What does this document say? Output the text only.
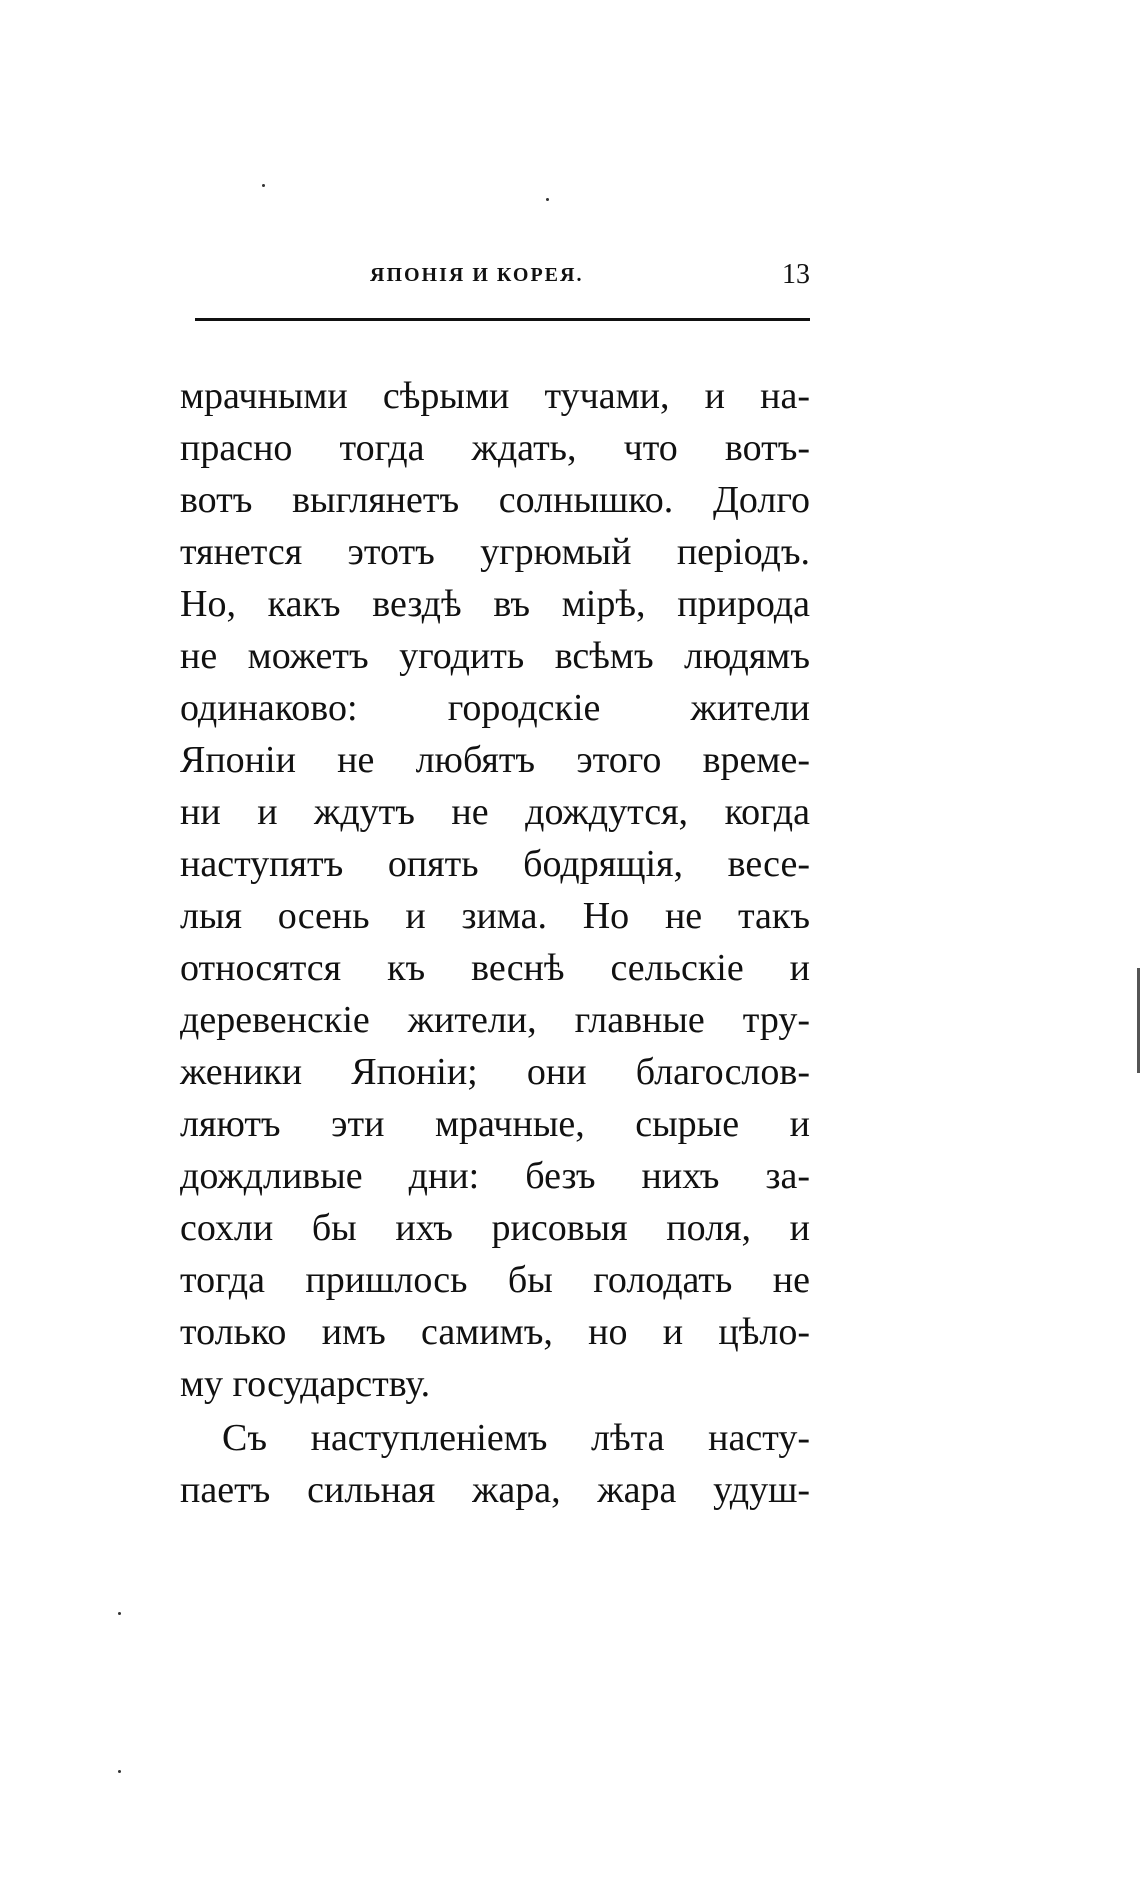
ЯПОНІЯ И КОРЕЯ.	13
мрачными сѣрыми тучами, и на-
прасно тогда ждать, что вотъ-
вотъ выглянетъ солнышко. Долго
тянется этотъ угрюмый періодъ.
Но, какъ вездѣ въ мірѣ, природа
не можетъ угодить всѣмъ людямъ
одинаково: городскіе жители
Японіи не любятъ этого време-
ни и ждутъ не дождутся, когда
наступятъ опять бодрящія, весе-
лыя осень и зима. Но не такъ
относятся къ веснѣ сельскіе и
деревенскіе жители, главные тру-
женики Японіи; они благослов-
ляютъ эти мрачные, сырые и
дождливые дни: безъ нихъ за-
сохли бы ихъ рисовыя поля, и
тогда пришлось бы голодать не
только имъ самимъ, но и цѣло-
му государству.
Съ наступленіемъ лѣта насту-
паетъ сильная жара, жара удуш-
